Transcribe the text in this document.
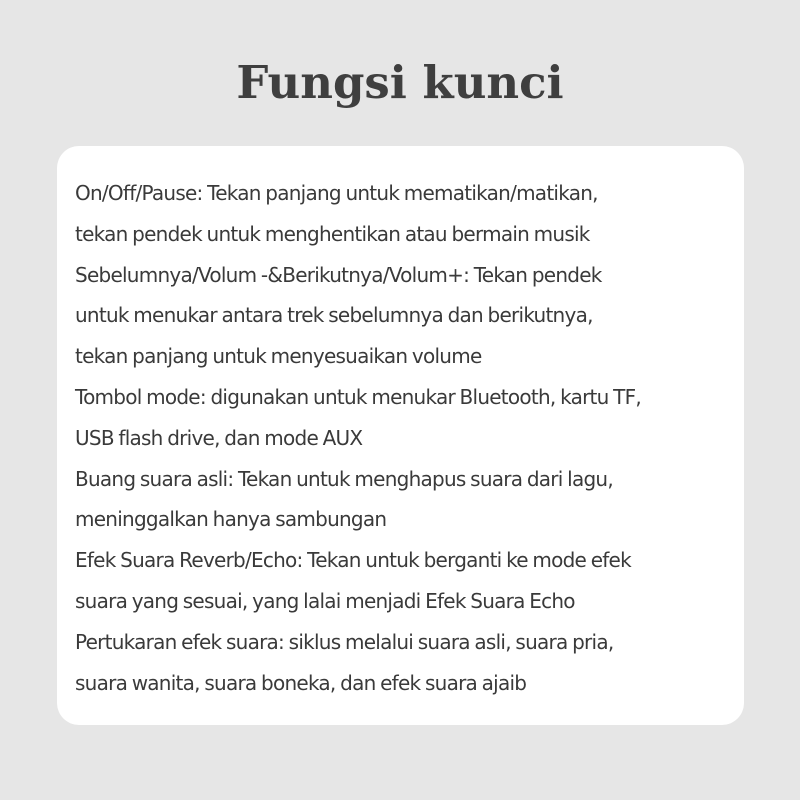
Fungsi kunci
On/Off/Pause: Tekan panjang untuk mematikan/matikan,
tekan pendek untuk menghentikan atau bermain musik
Sebelumnya/Volum -&Berikutnya/Volum+: Tekan pendek
untuk menukar antara trek sebelumnya dan berikutnya,
tekan panjang untuk menyesuaikan volume
Tombol mode: digunakan untuk menukar Bluetooth, kartu TF,
USB flash drive, dan mode AUX
Buang suara asli: Tekan untuk menghapus suara dari lagu,
meninggalkan hanya sambungan
Efek Suara Reverb/Echo: Tekan untuk berganti ke mode efek
suara yang sesuai, yang lalai menjadi Efek Suara Echo
Pertukaran efek suara: siklus melalui suara asli, suara pria,
suara wanita, suara boneka, dan efek suara ajaib
